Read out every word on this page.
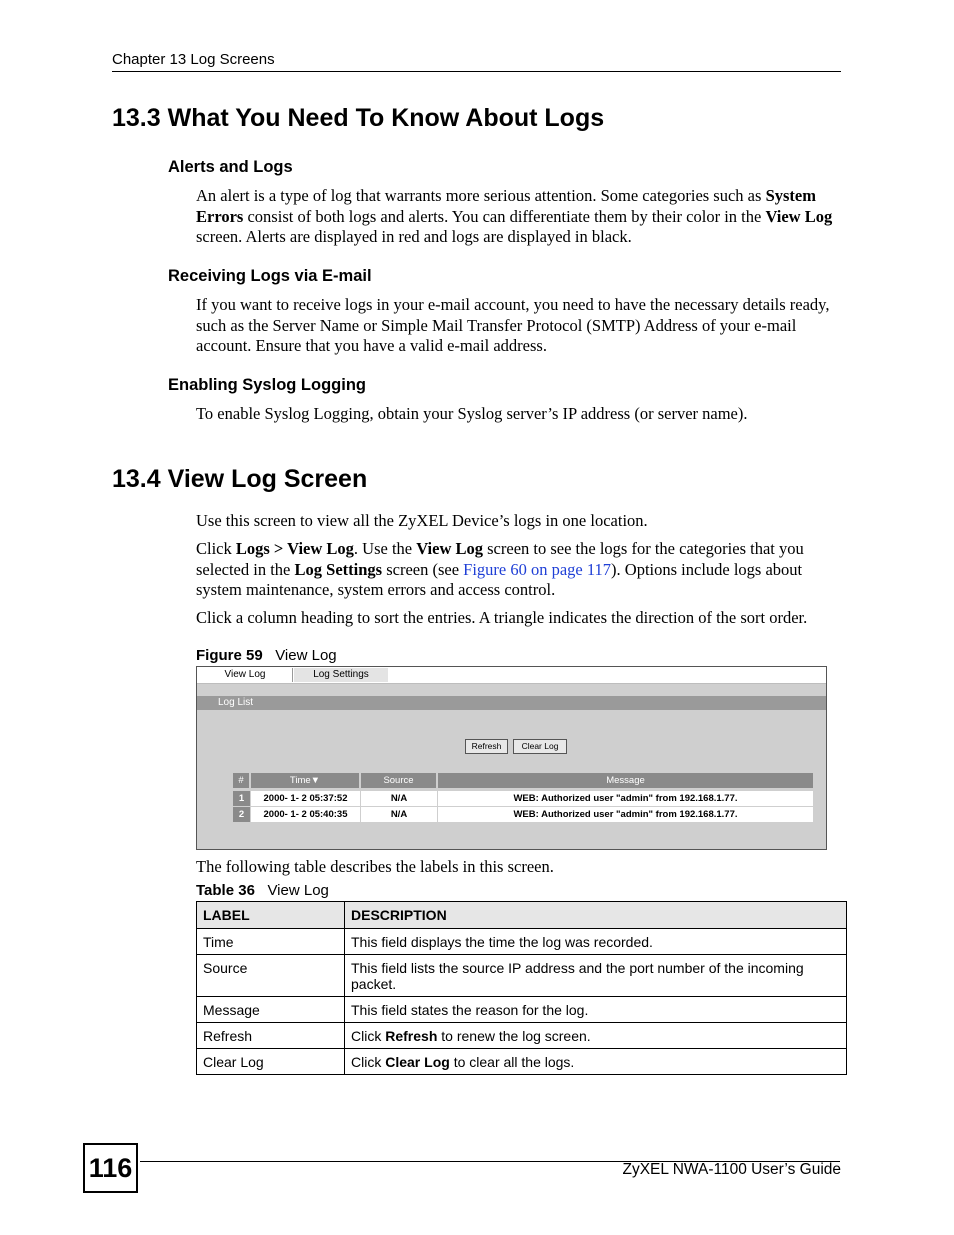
Chapter 13 Log Screens
13.3 What You Need To Know About Logs
Alerts and Logs
An alert is a type of log that warrants more serious attention. Some categories such as System Errors consist of both logs and alerts. You can differentiate them by their color in the View Log screen. Alerts are displayed in red and logs are displayed in black.
Receiving Logs via E-mail
If you want to receive logs in your e-mail account, you need to have the necessary details ready, such as the Server Name or Simple Mail Transfer Protocol (SMTP) Address of your e-mail account. Ensure that you have a valid e-mail address.
Enabling Syslog Logging
To enable Syslog Logging, obtain your Syslog server’s IP address (or server name).
13.4 View Log Screen
Use this screen to view all the ZyXEL Device’s logs in one location.
Click Logs > View Log. Use the View Log screen to see the logs for the categories that you selected in the Log Settings screen (see Figure 60 on page 117). Options include logs about system maintenance, system errors and access control.
Click a column heading to sort the entries. A triangle indicates the direction of the sort order.
Figure 59 View Log
View Log	Log Settings
Log List
Refresh	Clear Log
#	Time▼	Source	Message
1	2000- 1- 2 05:37:52	N/A	WEB: Authorized user "admin" from 192.168.1.77.
2	2000- 1- 2 05:40:35	N/A	WEB: Authorized user "admin" from 192.168.1.77.
The following table describes the labels in this screen.
Table 36 View Log
LABEL	DESCRIPTION
Time	This field displays the time the log was recorded.
Source	This field lists the source IP address and the port number of the incoming packet.
Message	This field states the reason for the log.
Refresh	Click Refresh to renew the log screen.
Clear Log	Click Clear Log to clear all the logs.
116	ZyXEL NWA-1100 User’s Guide
